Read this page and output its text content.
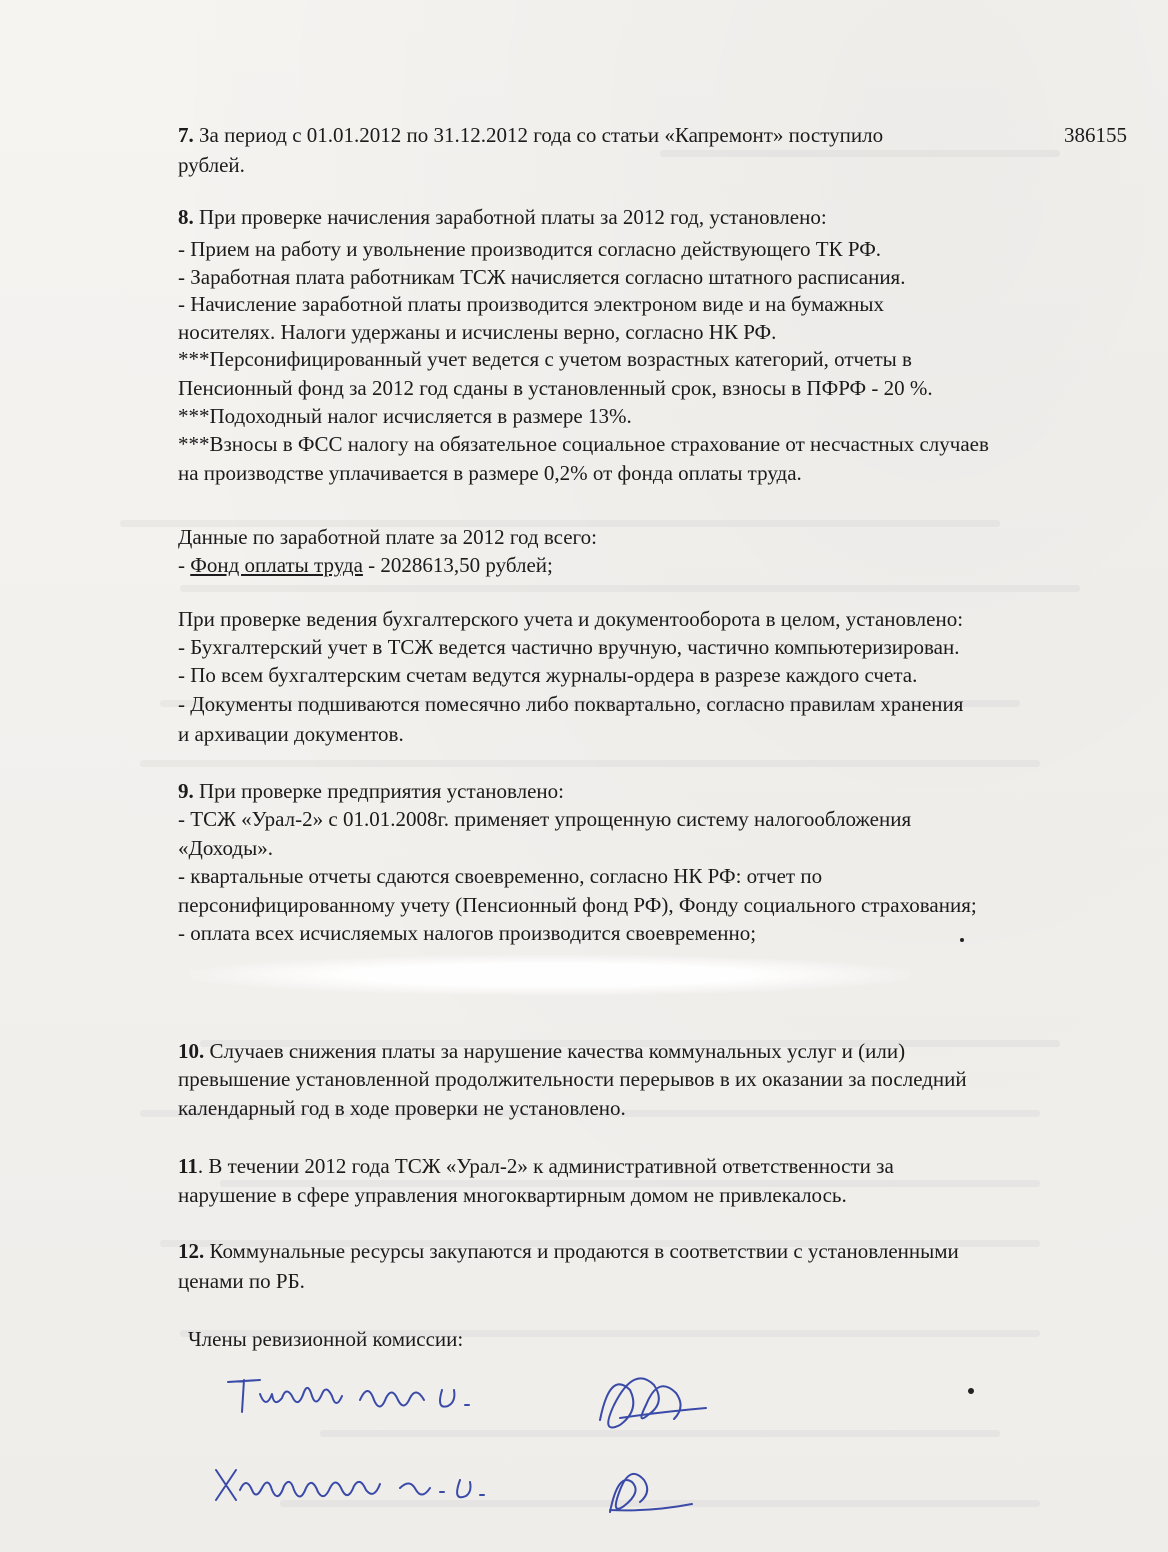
7. За период с 01.01.2012 по 31.12.2012 года со статьи «Капремонт» поступило	386155
рублей.
8. При проверке начисления заработной платы за 2012 год, установлено:
- Прием на работу и увольнение производится согласно действующего ТК РФ.
- Заработная плата работникам ТСЖ начисляется согласно штатного расписания.
- Начисление заработной платы производится электроном виде и на бумажных
носителях. Налоги удержаны и исчислены верно, согласно НК РФ.
***Персонифицированный учет ведется с учетом возрастных категорий, отчеты в
Пенсионный фонд за 2012 год сданы в установленный срок, взносы в ПФРФ - 20 %.
***Подоходный налог исчисляется в размере 13%.
***Взносы в ФСС налогу на обязательное социальное страхование от несчастных случаев
на производстве уплачивается в размере 0,2% от фонда оплаты труда.
Данные по заработной плате за 2012 год всего:
- Фонд оплаты труда - 2028613,50 рублей;
При проверке ведения бухгалтерского учета и документооборота в целом, установлено:
- Бухгалтерский учет в ТСЖ ведется частично вручную, частично компьютеризирован.
- По всем бухгалтерским счетам ведутся журналы-ордера в разрезе каждого счета.
- Документы подшиваются помесячно либо поквартально, согласно правилам хранения
и архивации документов.
9. При проверке предприятия установлено:
- ТСЖ «Урал-2» с 01.01.2008г. применяет упрощенную систему налогообложения
«Доходы».
- квартальные отчеты сдаются своевременно, согласно НК РФ: отчет по
персонифицированному учету (Пенсионный фонд РФ), Фонду социального страхования;
- оплата всех исчисляемых налогов производится своевременно;
10. Случаев снижения платы за нарушение качества коммунальных услуг и (или)
превышение установленной продолжительности перерывов в их оказании за последний
календарный год в ходе проверки не установлено.
11. В течении 2012 года ТСЖ «Урал-2» к административной ответственности за
нарушение в сфере управления многоквартирным домом не привлекалось.
12. Коммунальные ресурсы закупаются и продаются в соответствии с установленными
ценами по РБ.
Члены ревизионной комиссии:
